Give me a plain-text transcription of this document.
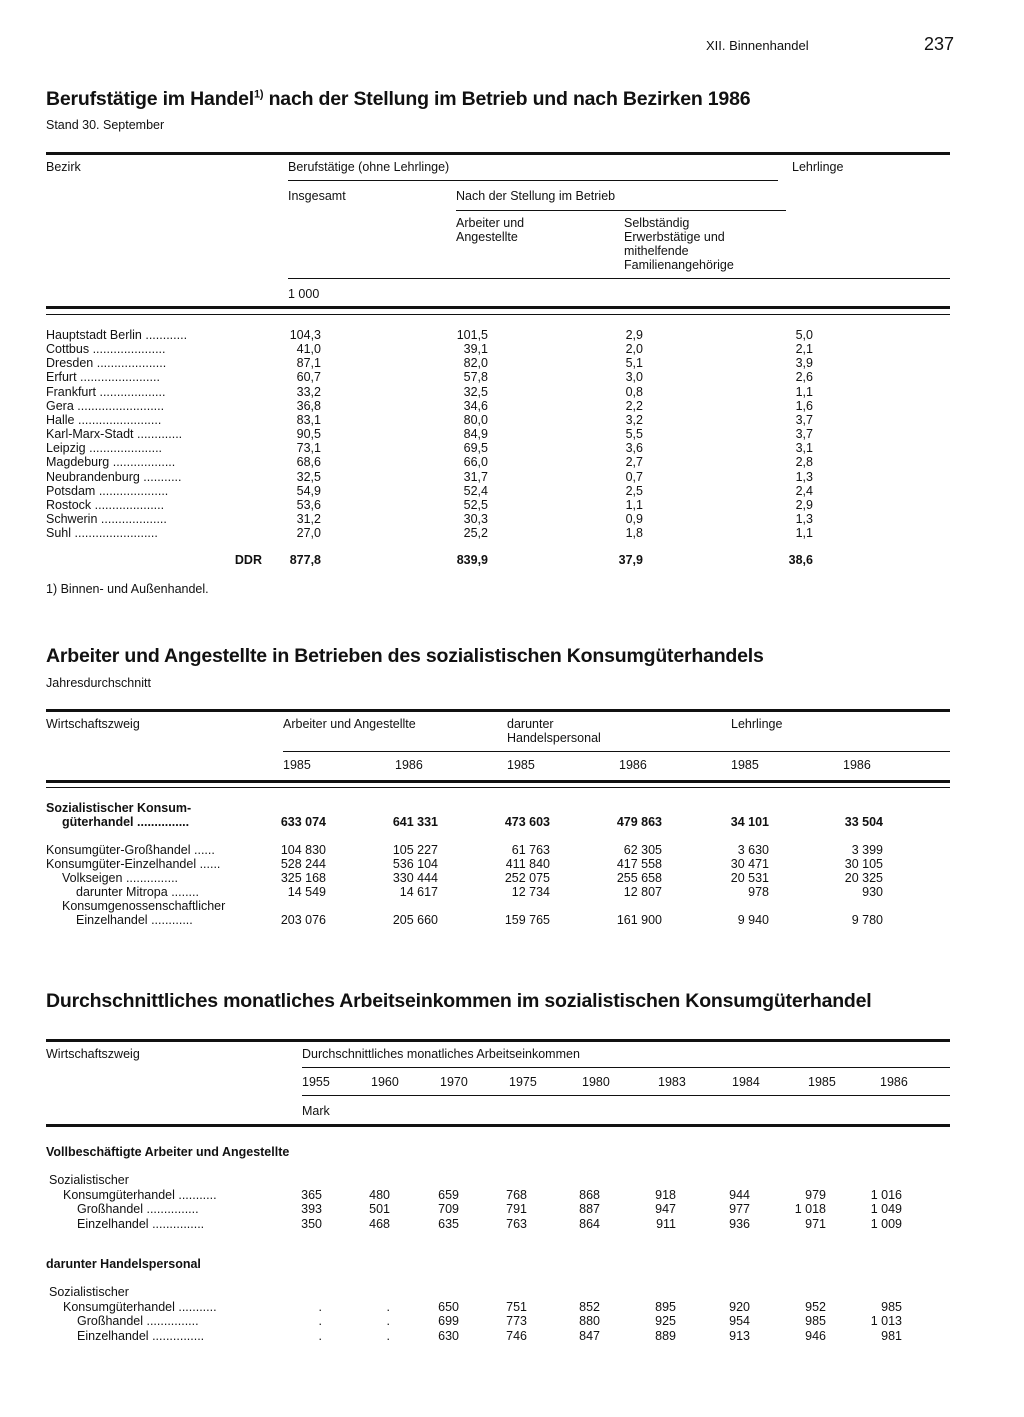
XII. Binnenhandel	237
Berufstätige im Handel$^{1)}$ nach der Stellung im Betrieb und nach Bezirken 1986
Stand 30. September
Bezirk	Berufstätige (ohne Lehrlinge)	Lehrlinge
Insgesamt	Nach der Stellung im Betrieb
Arbeiter und
Angestellte
Selbständig
Erwerbstätige und
mithelfende
Familienangehörige
1 000
Hauptstadt Berlin ............	104,3	101,5	2,9	5,0
Cottbus .....................	41,0	39,1	2,0	2,1
Dresden ....................	87,1	82,0	5,1	3,9
Erfurt .......................	60,7	57,8	3,0	2,6
Frankfurt ...................	33,2	32,5	0,8	1,1
Gera .........................	36,8	34,6	2,2	1,6
Halle ........................	83,1	80,0	3,2	3,7
Karl-Marx-Stadt .............	90,5	84,9	5,5	3,7
Leipzig .....................	73,1	69,5	3,6	3,1
Magdeburg ..................	68,6	66,0	2,7	2,8
Neubrandenburg ...........	32,5	31,7	0,7	1,3
Potsdam ....................	54,9	52,4	2,5	2,4
Rostock ....................	53,6	52,5	1,1	2,9
Schwerin ...................	31,2	30,3	0,9	1,3
Suhl ........................	27,0	25,2	1,8	1,1
DDR 877,8	839,9	37,9	38,6
1) Binnen- und Außenhandel.
Arbeiter und Angestellte in Betrieben des sozialistischen Konsumgüterhandels
Jahresdurchschnitt
Wirtschaftszweig	Arbeiter und Angestellte	darunter
Handelspersonal
Lehrlinge
1985	1986	1985	1986	1985	1986
Sozialistischer Konsum-
güterhandel ...............	633 074	641 331	473 603	479 863	34 101	33 504
Konsumgüter-Großhandel ......	104 830	105 227	61 763	62 305	3 630	3 399
Konsumgüter-Einzelhandel ......	528 244	536 104	411 840	417 558	30 471	30 105
Volkseigen ...............	325 168	330 444	252 075	255 658	20 531	20 325
darunter Mitropa ........	14 549	14 617	12 734	12 807	978	930
Konsumgenossenschaftlicher
Einzelhandel ............	203 076	205 660	159 765	161 900	9 940	9 780
Durchschnittliches monatliches Arbeitseinkommen im sozialistischen Konsumgüterhandel
Wirtschaftszweig	Durchschnittliches monatliches Arbeitseinkommen
1955	1960	1970	1975	1980	1983	1984	1985	1986
Mark
Vollbeschäftigte Arbeiter und Angestellte
Sozialistischer
Konsumgüterhandel ...........	365	480	659	768	868	918	944	979	1 016
Großhandel ...............	393	501	709	791	887	947	977	1 018	1 049
Einzelhandel ...............	350	468	635	763	864	911	936	971	1 009
darunter Handelspersonal
Sozialistischer
Konsumgüterhandel ...........	.	.	650	751	852	895	920	952	985
Großhandel ...............	.	.	699	773	880	925	954	985	1 013
Einzelhandel ...............	.	.	630	746	847	889	913	946	981
